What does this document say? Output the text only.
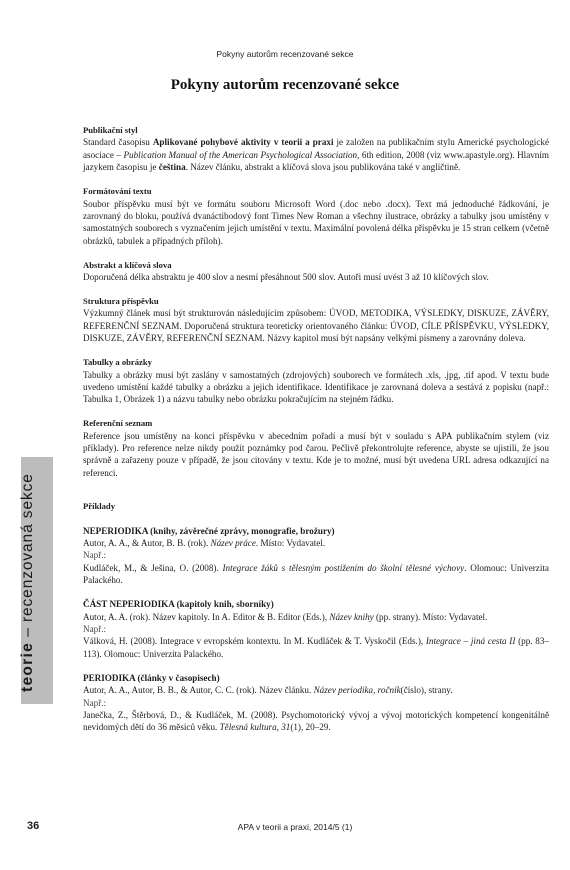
Pokyny autorům recenzované sekce
Pokyny autorům recenzované sekce
Publikační styl
Standard časopisu Aplikované pohybové aktivity v teorii a praxi je založen na publikačním stylu Americké psychologické asociace – Publication Manual of the American Psychological Association, 6th edition, 2008 (viz www.apastyle.org). Hlavním jazykem časopisu je čeština. Název článku, abstrakt a klíčová slova jsou publikována také v angličtině.
Formátování textu
Soubor příspěvku musí být ve formátu souboru Microsoft Word (.doc nebo .docx). Text má jednoduché řádkování, je zarovnaný do bloku, používá dvanáctibodový font Times New Roman a všechny ilustrace, obrázky a tabulky jsou umístěny v samostatných souborech s vyznačením jejich umístění v textu. Maximální povolená délka příspěvku je 15 stran celkem (včetně obrázků, tabulek a případných příloh).
Abstrakt a klíčová slova
Doporučená délka abstraktu je 400 slov a nesmí přesáhnout 500 slov. Autoři musí uvést 3 až 10 klíčových slov.
Struktura příspěvku
Výzkumný článek musí být strukturován následujícím způsobem: ÚVOD, METODIKA, VÝSLEDKY, DISKUZE, ZÁVĚRY, REFERENČNÍ SEZNAM. Doporučená struktura teoreticky orientovaného článku: ÚVOD, CÍLE PŘÍSPĚVKU, VÝSLEDKY, DISKUZE, ZÁVĚRY, REFERENČNÍ SEZNAM. Názvy kapitol musí být napsány velkými písmeny a zarovnány doleva.
Tabulky a obrázky
Tabulky a obrázky musí být zaslány v samostatných (zdrojových) souborech ve formátech .xls, .jpg, .tif apod. V textu bude uvedeno umístění každé tabulky a obrázku a jejich identifikace. Identifikace je zarovnaná doleva a sestává z popisku (např.: Tabulka 1, Obrázek 1) a názvu tabulky nebo obrázku pokračujícím na stejném řádku.
Referenční seznam
Reference jsou umístěny na konci příspěvku v abecedním pořadí a musí být v souladu s APA publikačním stylem (viz příklady). Pro reference nelze nikdy použít poznámky pod čarou. Pečlivě překontrolujte reference, abyste se ujistili, že jsou správně a zařazeny pouze v případě, že jsou citovány v textu. Kde je to možné, musí být uvedena URL adresa odkazující na referenci.
Příklady
NEPERIODIKA (knihy, závěrečné zprávy, monografie, brožury)
Autor, A. A., & Autor, B. B. (rok). Název práce. Místo: Vydavatel.
Např.:
Kudláček, M., & Ješina, O. (2008). Integrace žáků s tělesným postižením do školní tělesné výchovy. Olomouc: Univerzita Palackého.
ČÁST NEPERIODIKA (kapitoly knih, sborníky)
Autor, A. A. (rok). Název kapitoly. In A. Editor & B. Editor (Eds.), Název knihy (pp. strany). Místo: Vydavatel.
Např.:
Válková, H. (2008). Integrace v evropském kontextu. In M. Kudláček & T. Vyskočil (Eds.), Integrace – jiná cesta II (pp. 83–113). Olomouc: Univerzita Palackého.
PERIODIKA (články v časopisech)
Autor, A. A., Autor, B. B., & Autor, C. C. (rok). Název článku. Název periodika, ročník(číslo), strany.
Např.:
Janečka, Z., Štěrbová, D., & Kudláček, M. (2008). Psychomotorický vývoj a vývoj motorických kompetencí kongenitálně nevidomých dětí do 36 měsíců věku. Tělesná kultura, 31(1), 20–29.
teorie – recenzovaná sekce
36	APA v teorii a praxi, 2014/5 (1)
